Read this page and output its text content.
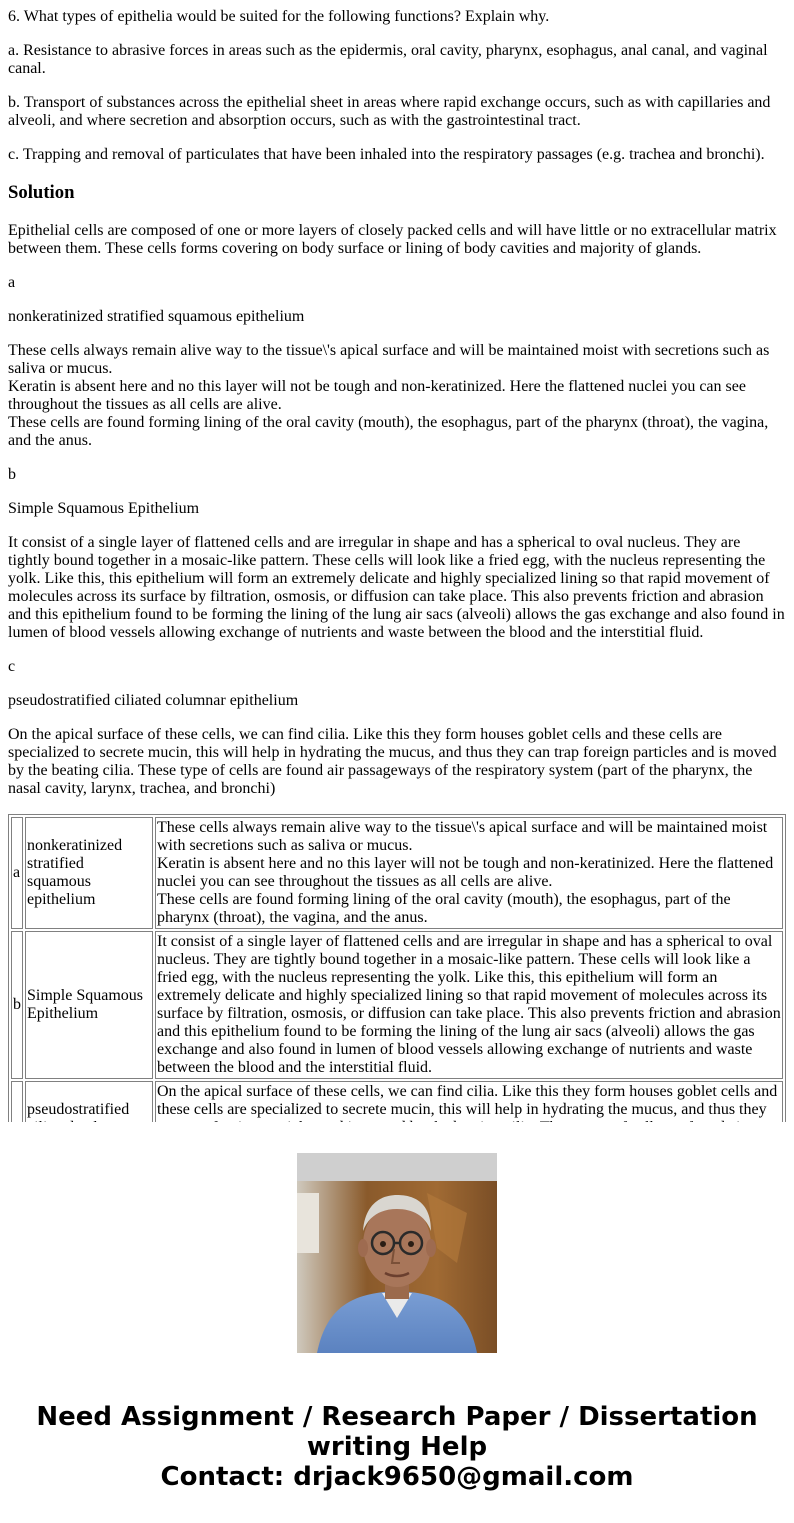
6. What types of epithelia would be suited for the following functions? Explain why.

a. Resistance to abrasive forces in areas such as the epidermis, oral cavity, pharynx, esophagus, anal canal, and vaginal canal.

b. Transport of substances across the epithelial sheet in areas where rapid exchange occurs, such as with capillaries and alveoli, and where secretion and absorption occurs, such as with the gastrointestinal tract.

c. Trapping and removal of particulates that have been inhaled into the respiratory passages (e.g. trachea and bronchi).

Solution

Epithelial cells are composed of one or more layers of closely packed cells and will have little or no extracellular matrix between them. These cells forms covering on body surface or lining of body cavities and majority of glands.

a

nonkeratinized stratified squamous epithelium

These cells always remain alive way to the tissue\'s apical surface and will be maintained moist with secretions such as saliva or mucus.
Keratin is absent here and no this layer will not be tough and non-keratinized. Here the flattened nuclei you can see throughout the tissues as all cells are alive.
These cells are found forming lining of the oral cavity (mouth), the esophagus, part of the pharynx (throat), the vagina, and the anus.

b

Simple Squamous Epithelium

It consist of a single layer of flattened cells and are irregular in shape and has a spherical to oval nucleus. They are tightly bound together in a mosaic-like pattern. These cells will look like a fried egg, with the nucleus representing the yolk. Like this, this epithelium will form an extremely delicate and highly specialized lining so that rapid movement of molecules across its surface by filtration, osmosis, or diffusion can take place. This also prevents friction and abrasion and this epithelium found to be forming the lining of the lung air sacs (alveoli) allows the gas exchange and also found in lumen of blood vessels allowing exchange of nutrients and waste between the blood and the interstitial fluid.

c

pseudostratified ciliated columnar epithelium

On the apical surface of these cells, we can find cilia. Like this they form houses goblet cells and these cells are specialized to secrete mucin, this will help in hydrating the mucus, and thus they can trap foreign particles and is moved by the beating cilia. These type of cells are found air passageways of the respiratory system (part of the pharynx, the nasal cavity, larynx, trachea, and bronchi)

a	nonkeratinized stratified squamous epithelium	These cells always remain alive way to the tissue\'s apical surface and will be maintained moist with secretions such as saliva or mucus.
Keratin is absent here and no this layer will not be tough and non-keratinized. Here the flattened nuclei you can see throughout the tissues as all cells are alive.
These cells are found forming lining of the oral cavity (mouth), the esophagus, part of the pharynx (throat), the vagina, and the anus.
b	Simple Squamous Epithelium	It consist of a single layer of flattened cells and are irregular in shape and has a spherical to oval nucleus. They are tightly bound together in a mosaic-like pattern. These cells will look like a fried egg, with the nucleus representing the yolk. Like this, this epithelium will form an extremely delicate and highly specialized lining so that rapid movement of molecules across its surface by filtration, osmosis, or diffusion can take place. This also prevents friction and abrasion and this epithelium found to be forming the lining of the lung air sacs (alveoli) allows the gas exchange and also found in lumen of blood vessels allowing exchange of nutrients and waste between the blood and the interstitial fluid.
	pseudostratified	On the apical surface of these cells, we can find cilia. Like this they form houses goblet cells and these cells are specialized to secrete mucin, this will help in hydrating the mucus, and thus they
Need Assignment / Research Paper / Dissertation
writing Help
Contact: drjack9650@gmail.com
